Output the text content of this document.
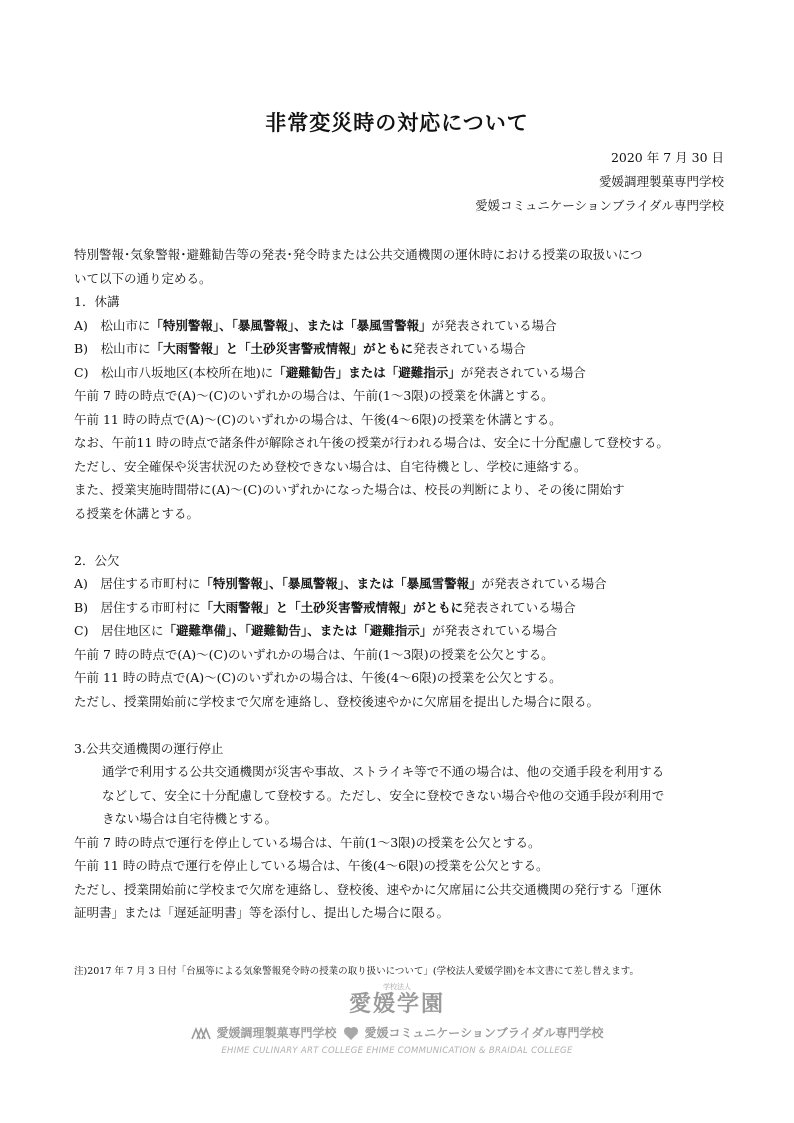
非常変災時の対応について
2020 年 7 月 30 日
愛媛調理製菓専門学校
愛媛コミュニケーションブライダル専門学校
特別警報･気象警報･避難勧告等の発表･発令時または公共交通機関の運休時における授業の取扱いにつ
いて以下の通り定める。
1．休講
A)　松山市に「特別警報」、「暴風警報」、または「暴風雪警報」が発表されている場合
B)　松山市に「大雨警報」と「土砂災害警戒情報」がともに発表されている場合
C)　松山市八坂地区(本校所在地)に「避難勧告」または「避難指示」が発表されている場合
午前 7 時の時点で(A)～(C)のいずれかの場合は、午前(1～3限)の授業を休講とする。
午前 11 時の時点で(A)～(C)のいずれかの場合は、午後(4～6限)の授業を休講とする。
なお、午前11 時の時点で諸条件が解除され午後の授業が行われる場合は、安全に十分配慮して登校する。
ただし、安全確保や災害状況のため登校できない場合は、自宅待機とし、学校に連絡する。
また、授業実施時間帯に(A)～(C)のいずれかになった場合は、校長の判断により、その後に開始す
る授業を休講とする。
2．公欠
A)　居住する市町村に「特別警報」、「暴風警報」、または「暴風雪警報」が発表されている場合
B)　居住する市町村に「大雨警報」と「土砂災害警戒情報」がともに発表されている場合
C)　居住地区に「避難準備」、「避難勧告」、または「避難指示」が発表されている場合
午前 7 時の時点で(A)～(C)のいずれかの場合は、午前(1～3限)の授業を公欠とする。
午前 11 時の時点で(A)～(C)のいずれかの場合は、午後(4～6限)の授業を公欠とする。
ただし、授業開始前に学校まで欠席を連絡し、登校後速やかに欠席届を提出した場合に限る。
3.公共交通機関の運行停止
通学で利用する公共交通機関が災害や事故、ストライキ等で不通の場合は、他の交通手段を利用する
などして、安全に十分配慮して登校する。ただし、安全に登校できない場合や他の交通手段が利用で
きない場合は自宅待機とする。
午前 7 時の時点で運行を停止している場合は、午前(1～3限)の授業を公欠とする。
午前 11 時の時点で運行を停止している場合は、午後(4～6限)の授業を公欠とする。
ただし、授業開始前に学校まで欠席を連絡し、登校後、速やかに欠席届に公共交通機関の発行する「運休
証明書」または「遅延証明書」等を添付し、提出した場合に限る。
注)2017 年 7 月 3 日付「台風等による気象警報発令時の授業の取り扱いについて」(学校法人愛媛学園)を本文書にて差し替えます。
学校法人
愛媛学園
愛媛調理製菓専門学校 愛媛コミュニケーションブライダル専門学校
EHIME CULINARY ART COLLEGE EHIME COMMUNICATION & BRAIDAL COLLEGE
